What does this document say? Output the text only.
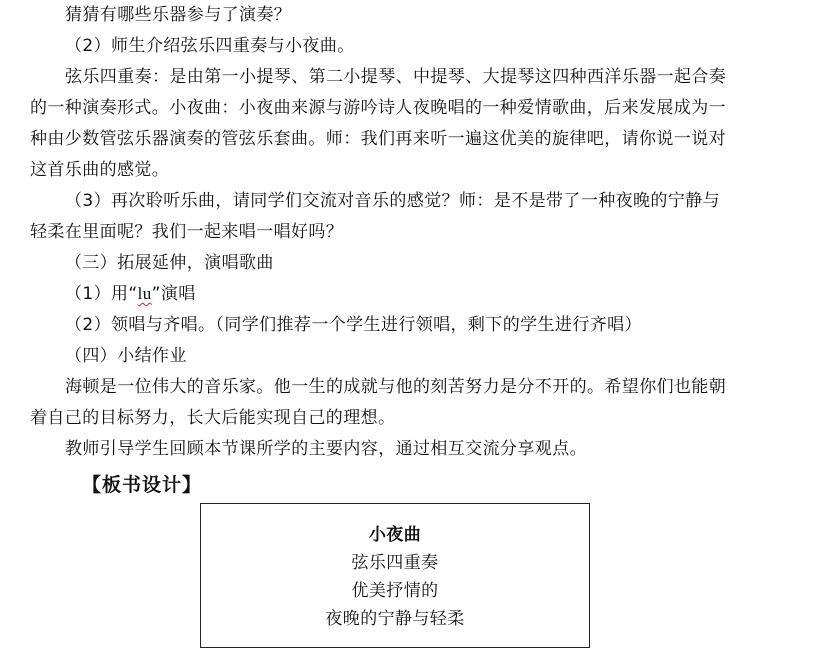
猜猜有哪些乐器参与了演奏？
（2）师生介绍弦乐四重奏与小夜曲。
弦乐四重奏：是由第一小提琴、第二小提琴、中提琴、大提琴这四种西洋乐器一起合奏
的一种演奏形式。小夜曲：小夜曲来源与游吟诗人夜晚唱的一种爱情歌曲，后来发展成为一
种由少数管弦乐器演奏的管弦乐套曲。师：我们再来听一遍这优美的旋律吧，请你说一说对
这首乐曲的感觉。
（3）再次聆听乐曲，请同学们交流对音乐的感觉？师：是不是带了一种夜晚的宁静与
轻柔在里面呢？我们一起来唱一唱好吗？
（三）拓展延伸，演唱歌曲
（1）用“lu”演唱
（2）领唱与齐唱。（同学们推荐一个学生进行领唱，剩下的学生进行齐唱）
（四）小结作业
海顿是一位伟大的音乐家。他一生的成就与他的刻苦努力是分不开的。希望你们也能朝
着自己的目标努力，长大后能实现自己的理想。
教师引导学生回顾本节课所学的主要内容，通过相互交流分享观点。
【板书设计】
小夜曲
弦乐四重奏
优美抒情的
夜晚的宁静与轻柔
